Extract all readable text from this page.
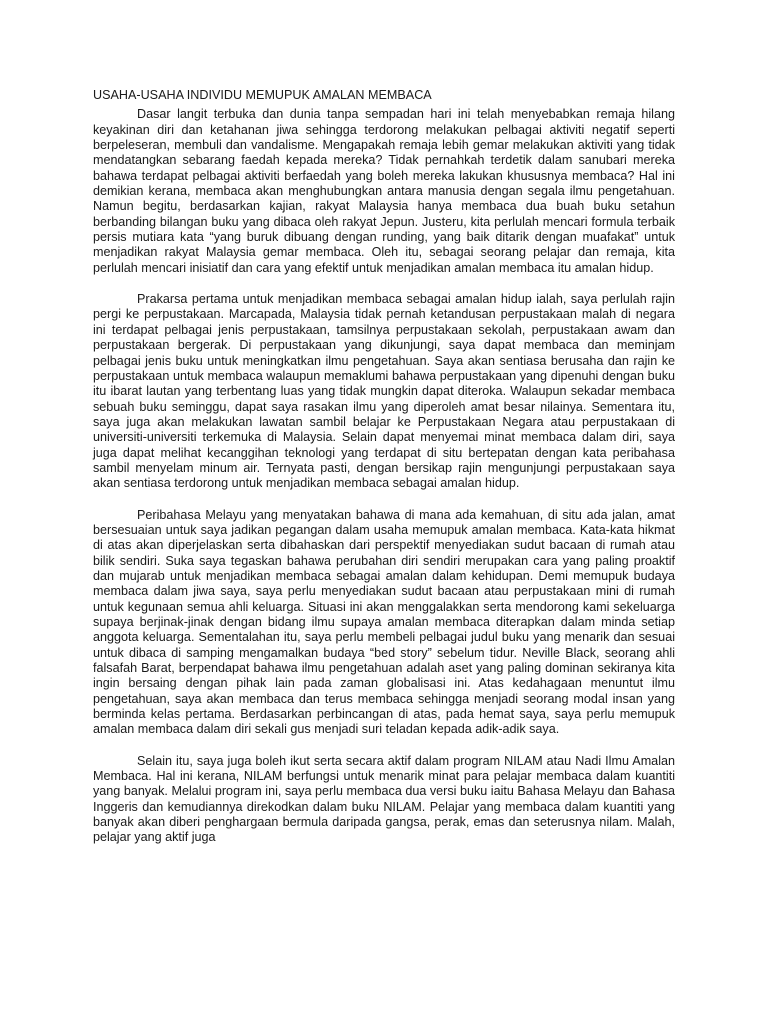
USAHA-USAHA INDIVIDU MEMUPUK AMALAN MEMBACA

Dasar langit terbuka dan dunia tanpa sempadan hari ini telah menyebabkan remaja hilang keyakinan diri dan ketahanan jiwa sehingga terdorong melakukan pelbagai aktiviti negatif seperti berpeleseran, membuli dan vandalisme. Mengapakah remaja lebih gemar melakukan aktiviti yang tidak mendatangkan sebarang faedah kepada mereka? Tidak pernahkah terdetik dalam sanubari mereka bahawa terdapat pelbagai aktiviti berfaedah yang boleh mereka lakukan khususnya membaca? Hal ini demikian kerana, membaca akan menghubungkan antara manusia dengan segala ilmu pengetahuan. Namun begitu, berdasarkan kajian, rakyat Malaysia hanya membaca dua buah buku setahun berbanding bilangan buku yang dibaca oleh rakyat Jepun. Justeru, kita perlulah mencari formula terbaik persis mutiara kata “yang buruk dibuang dengan runding, yang baik ditarik dengan muafakat” untuk menjadikan rakyat Malaysia gemar membaca. Oleh itu, sebagai seorang pelajar dan remaja, kita perlulah mencari inisiatif dan cara yang efektif untuk menjadikan amalan membaca itu amalan hidup.

Prakarsa pertama untuk menjadikan membaca sebagai amalan hidup ialah, saya perlulah rajin pergi ke perpustakaan. Marcapada, Malaysia tidak pernah ketandusan perpustakaan malah di negara ini terdapat pelbagai jenis perpustakaan, tamsilnya perpustakaan sekolah, perpustakaan awam dan perpustakaan bergerak. Di perpustakaan yang dikunjungi, saya dapat membaca dan meminjam pelbagai jenis buku untuk meningkatkan ilmu pengetahuan. Saya akan sentiasa berusaha dan rajin ke perpustakaan untuk membaca walaupun memaklumi bahawa perpustakaan yang dipenuhi dengan buku itu ibarat lautan yang terbentang luas yang tidak mungkin dapat diteroka. Walaupun sekadar membaca sebuah buku seminggu, dapat saya rasakan ilmu yang diperoleh amat besar nilainya. Sementara itu, saya juga akan melakukan lawatan sambil belajar ke Perpustakaan Negara atau perpustakaan di universiti-universiti terkemuka di Malaysia. Selain dapat menyemai minat membaca dalam diri, saya juga dapat melihat kecanggihan teknologi yang terdapat di situ bertepatan dengan kata peribahasa sambil menyelam minum air. Ternyata pasti, dengan bersikap rajin mengunjungi perpustakaan saya akan sentiasa terdorong untuk menjadikan membaca sebagai amalan hidup.

Peribahasa Melayu yang menyatakan bahawa di mana ada kemahuan, di situ ada jalan, amat bersesuaian untuk saya jadikan pegangan dalam usaha memupuk amalan membaca. Kata-kata hikmat di atas akan diperjelaskan serta dibahaskan dari perspektif menyediakan sudut bacaan di rumah atau bilik sendiri. Suka saya tegaskan bahawa perubahan diri sendiri merupakan cara yang paling proaktif dan mujarab untuk menjadikan membaca sebagai amalan dalam kehidupan. Demi memupuk budaya membaca dalam jiwa saya, saya perlu menyediakan sudut bacaan atau perpustakaan mini di rumah untuk kegunaan semua ahli keluarga. Situasi ini akan menggalakkan serta mendorong kami sekeluarga supaya berjinak-jinak dengan bidang ilmu supaya amalan membaca diterapkan dalam minda setiap anggota keluarga. Sementalahan itu, saya perlu membeli pelbagai judul buku yang menarik dan sesuai untuk dibaca di samping mengamalkan budaya “bed story” sebelum tidur. Neville Black, seorang ahli falsafah Barat, berpendapat bahawa ilmu pengetahuan adalah aset yang paling dominan sekiranya kita ingin bersaing dengan pihak lain pada zaman globalisasi ini. Atas kedahagaan menuntut ilmu pengetahuan, saya akan membaca dan terus membaca sehingga menjadi seorang modal insan yang berminda kelas pertama. Berdasarkan perbincangan di atas, pada hemat saya, saya perlu memupuk amalan membaca dalam diri sekali gus menjadi suri teladan kepada adik-adik saya.

Selain itu, saya juga boleh ikut serta secara aktif dalam program NILAM atau Nadi Ilmu Amalan Membaca. Hal ini kerana, NILAM berfungsi untuk menarik minat para pelajar membaca dalam kuantiti yang banyak. Melalui program ini, saya perlu membaca dua versi buku iaitu Bahasa Melayu dan Bahasa Inggeris dan kemudiannya direkodkan dalam buku NILAM. Pelajar yang membaca dalam kuantiti yang banyak akan diberi penghargaan bermula daripada gangsa, perak, emas dan seterusnya nilam. Malah, pelajar yang aktif juga
